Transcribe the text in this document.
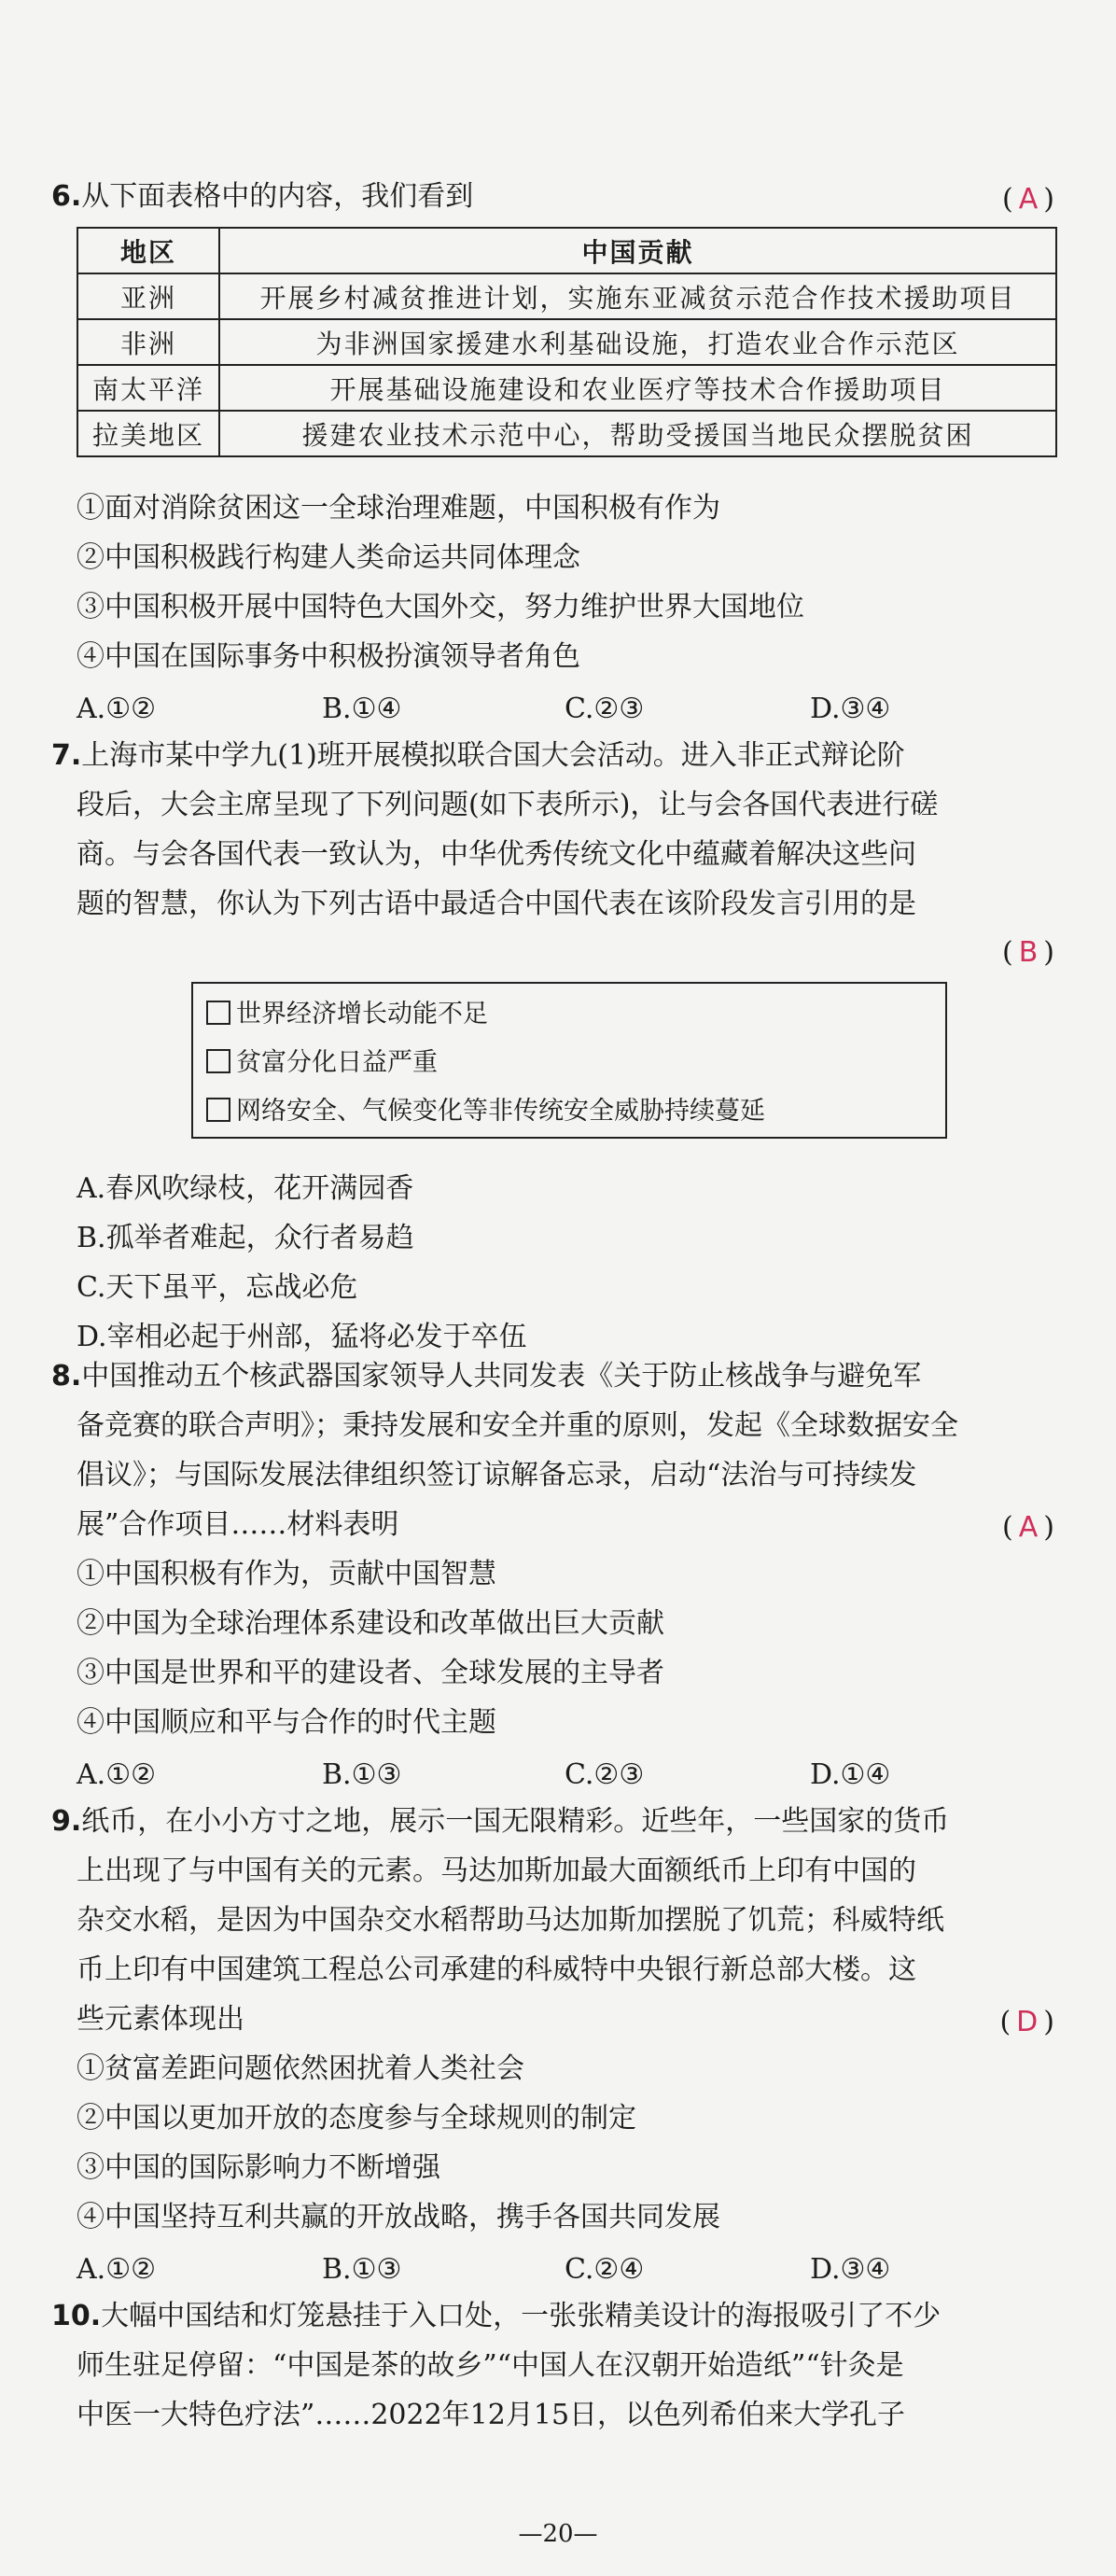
6.从下面表格中的内容，我们看到	( A )
地区	中国贡献
亚洲	开展乡村减贫推进计划，实施东亚减贫示范合作技术援助项目
非洲	为非洲国家援建水利基础设施，打造农业合作示范区
南太平洋	开展基础设施建设和农业医疗等技术合作援助项目
拉美地区	援建农业技术示范中心，帮助受援国当地民众摆脱贫困
①面对消除贫困这一全球治理难题，中国积极有作为
②中国积极践行构建人类命运共同体理念
③中国积极开展中国特色大国外交，努力维护世界大国地位
④中国在国际事务中积极扮演领导者角色
A.①②	B.①④	C.②③	D.③④
7.上海市某中学九(1)班开展模拟联合国大会活动。进入非正式辩论阶
段后，大会主席呈现了下列问题(如下表所示)，让与会各国代表进行磋
商。与会各国代表一致认为，中华优秀传统文化中蕴藏着解决这些问
题的智慧，你认为下列古语中最适合中国代表在该阶段发言引用的是
( B )
世界经济增长动能不足
贫富分化日益严重
网络安全、气候变化等非传统安全威胁持续蔓延
A.春风吹绿枝，花开满园香
B.孤举者难起，众行者易趋
C.天下虽平，忘战必危
D.宰相必起于州部，猛将必发于卒伍
8.中国推动五个核武器国家领导人共同发表《关于防止核战争与避免军
备竞赛的联合声明》；秉持发展和安全并重的原则，发起《全球数据安全
倡议》；与国际发展法律组织签订谅解备忘录，启动“法治与可持续发
展”合作项目……材料表明	( A )
①中国积极有作为，贡献中国智慧
②中国为全球治理体系建设和改革做出巨大贡献
③中国是世界和平的建设者、全球发展的主导者
④中国顺应和平与合作的时代主题
A.①②	B.①③	C.②③	D.①④
9.纸币，在小小方寸之地，展示一国无限精彩。近些年，一些国家的货币
上出现了与中国有关的元素。马达加斯加最大面额纸币上印有中国的
杂交水稻，是因为中国杂交水稻帮助马达加斯加摆脱了饥荒；科威特纸
币上印有中国建筑工程总公司承建的科威特中央银行新总部大楼。这
些元素体现出	( D )
①贫富差距问题依然困扰着人类社会
②中国以更加开放的态度参与全球规则的制定
③中国的国际影响力不断增强
④中国坚持互利共赢的开放战略，携手各国共同发展
A.①②	B.①③	C.②④	D.③④
10.大幅中国结和灯笼悬挂于入口处，一张张精美设计的海报吸引了不少
师生驻足停留：“中国是茶的故乡”“中国人在汉朝开始造纸”“针灸是
中医一大特色疗法”……2022年12月15日，以色列希伯来大学孔子
—20—
